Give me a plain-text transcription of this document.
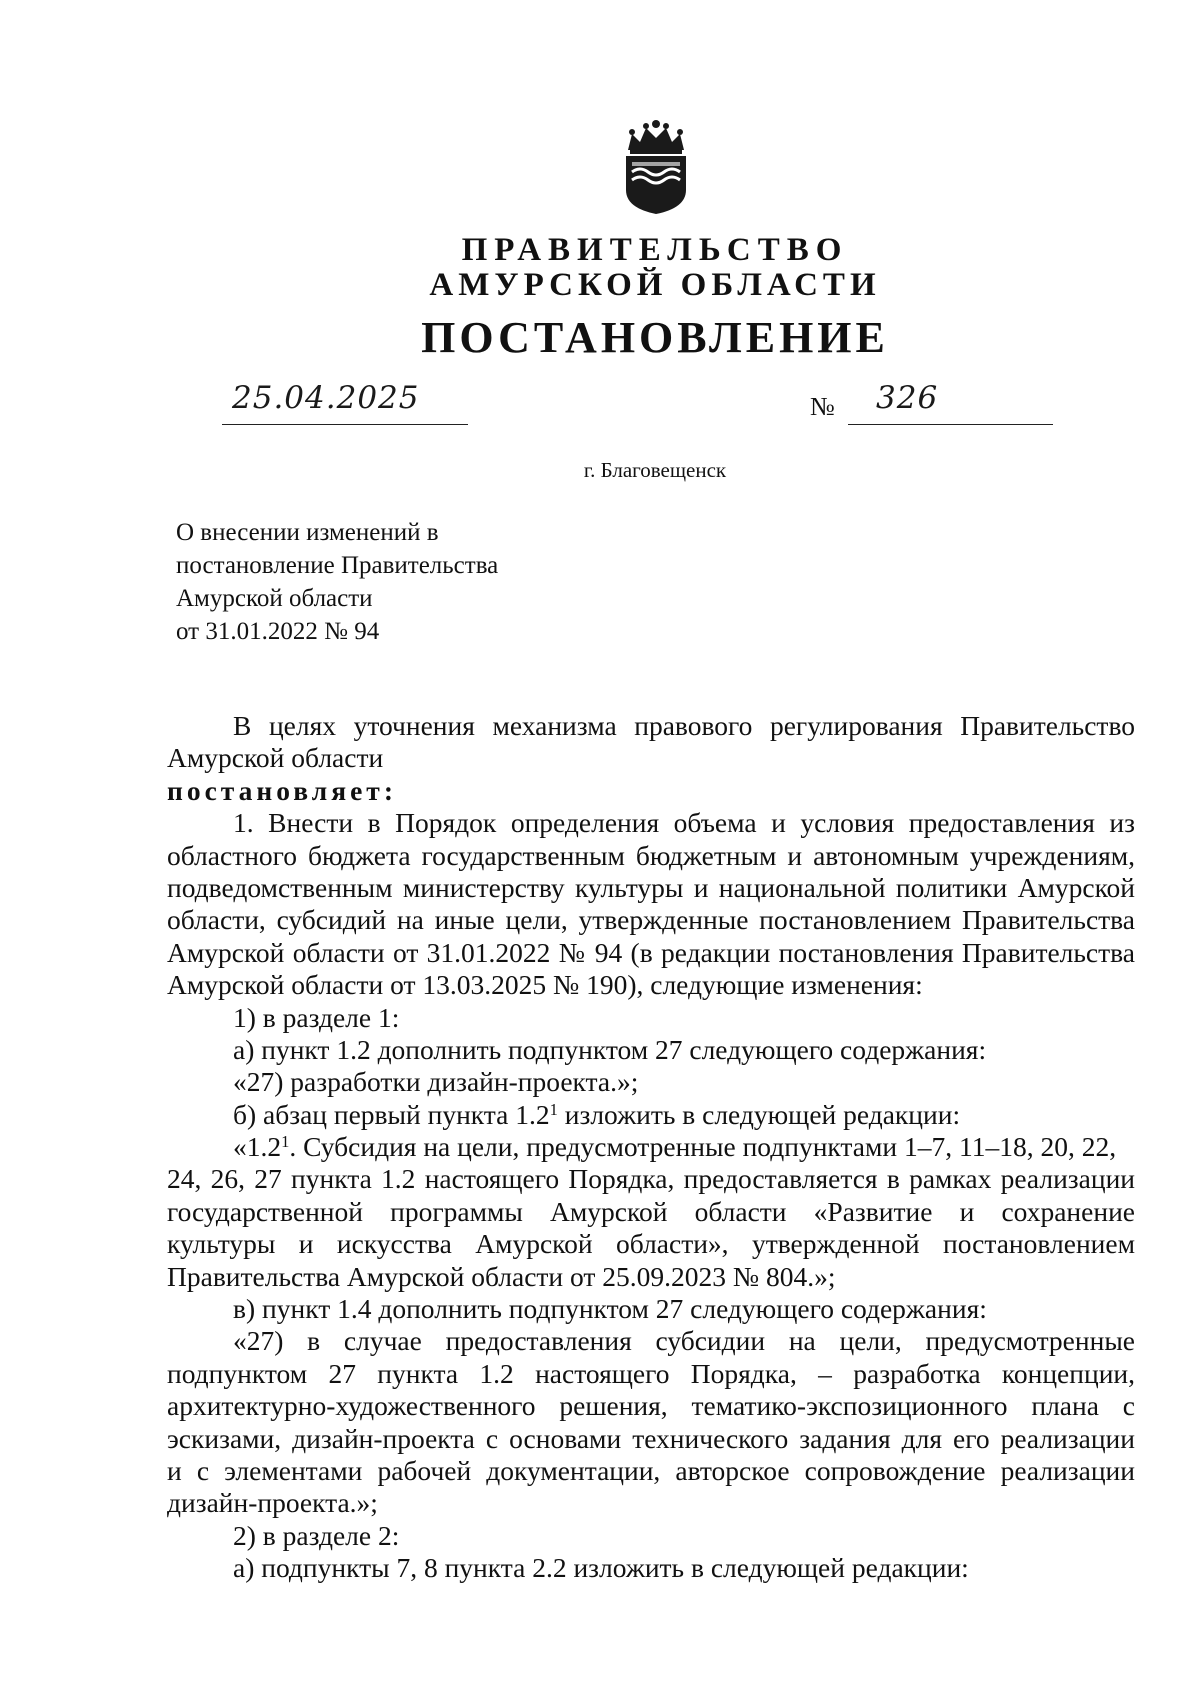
ПРАВИТЕЛЬСТВО
АМУРСКОЙ ОБЛАСТИ
ПОСТАНОВЛЕНИЕ
25.04.2025	№ 326
г. Благовещенск
О внесении изменений в
постановление Правительства
Амурской области
от 31.01.2022 № 94
В целях уточнения механизма правового регулирования Правительство
Амурской области
постановляет:
1. Внести в Порядок определения объема и условия предоставления из
областного бюджета государственным бюджетным и автономным учреждениям,
подведомственным министерству культуры и национальной политики Амурской
области, субсидий на иные цели, утвержденные постановлением Правительства
Амурской области от 31.01.2022 № 94 (в редакции постановления Правительства
Амурской области от 13.03.2025 № 190), следующие изменения:
1) в разделе 1:
а) пункт 1.2 дополнить подпунктом 27 следующего содержания:
«27) разработки дизайн-проекта.»;
б) абзац первый пункта $1.2^1$ изложить в следующей редакции:
«$1.2^1$. Субсидия на цели, предусмотренные подпунктами 1–7, 11–18, 20, 22,
24, 26, 27 пункта 1.2 настоящего Порядка, предоставляется в рамках реализации
государственной программы Амурской области «Развитие и сохранение
культуры и искусства Амурской области», утвержденной постановлением
Правительства Амурской области от 25.09.2023 № 804.»;
в) пункт 1.4 дополнить подпунктом 27 следующего содержания:
«27) в случае предоставления субсидии на цели, предусмотренные
подпунктом 27 пункта 1.2 настоящего Порядка, – разработка концепции,
архитектурно-художественного решения, тематико-экспозиционного плана с
эскизами, дизайн-проекта с основами технического задания для его реализации
и с элементами рабочей документации, авторское сопровождение реализации
дизайн-проекта.»;
2) в разделе 2:
а) подпункты 7, 8 пункта 2.2 изложить в следующей редакции:
